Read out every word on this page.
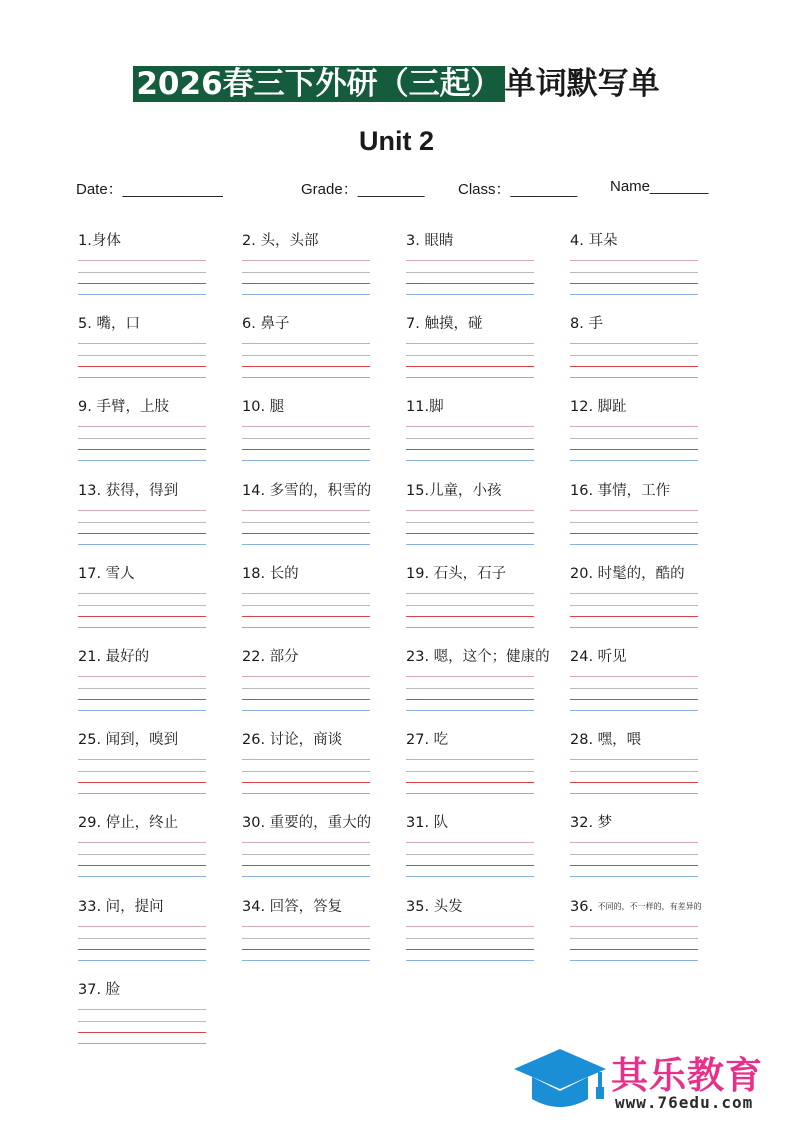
2026春三下外研（三起）单词默写单
Unit 2
Date：____________	Grade：________ Class：________ Name_______
1.身体	2. 头，头部	3. 眼睛	4. 耳朵
5. 嘴，口	6. 鼻子	7. 触摸，碰	8. 手
9. 手臂，上肢	10. 腿	11.脚	12. 脚趾
13. 获得，得到	14. 多雪的，积雪的 15.儿童，小孩	16. 事情，工作
17. 雪人	18. 长的	19. 石头，石子	20. 时髦的，酷的
21. 最好的	22. 部分	23. 嗯，这个；健康的 24. 听见
25. 闻到，嗅到	26. 讨论，商谈	27. 吃	28. 嘿，喂
29. 停止，终止	30. 重要的，重大的 31. 队	32. 梦
33. 问，提问	34. 回答，答复	35. 头发	36. 不同的，不一样的，有差异的
37. 脸
其乐教育
www.76edu.com
